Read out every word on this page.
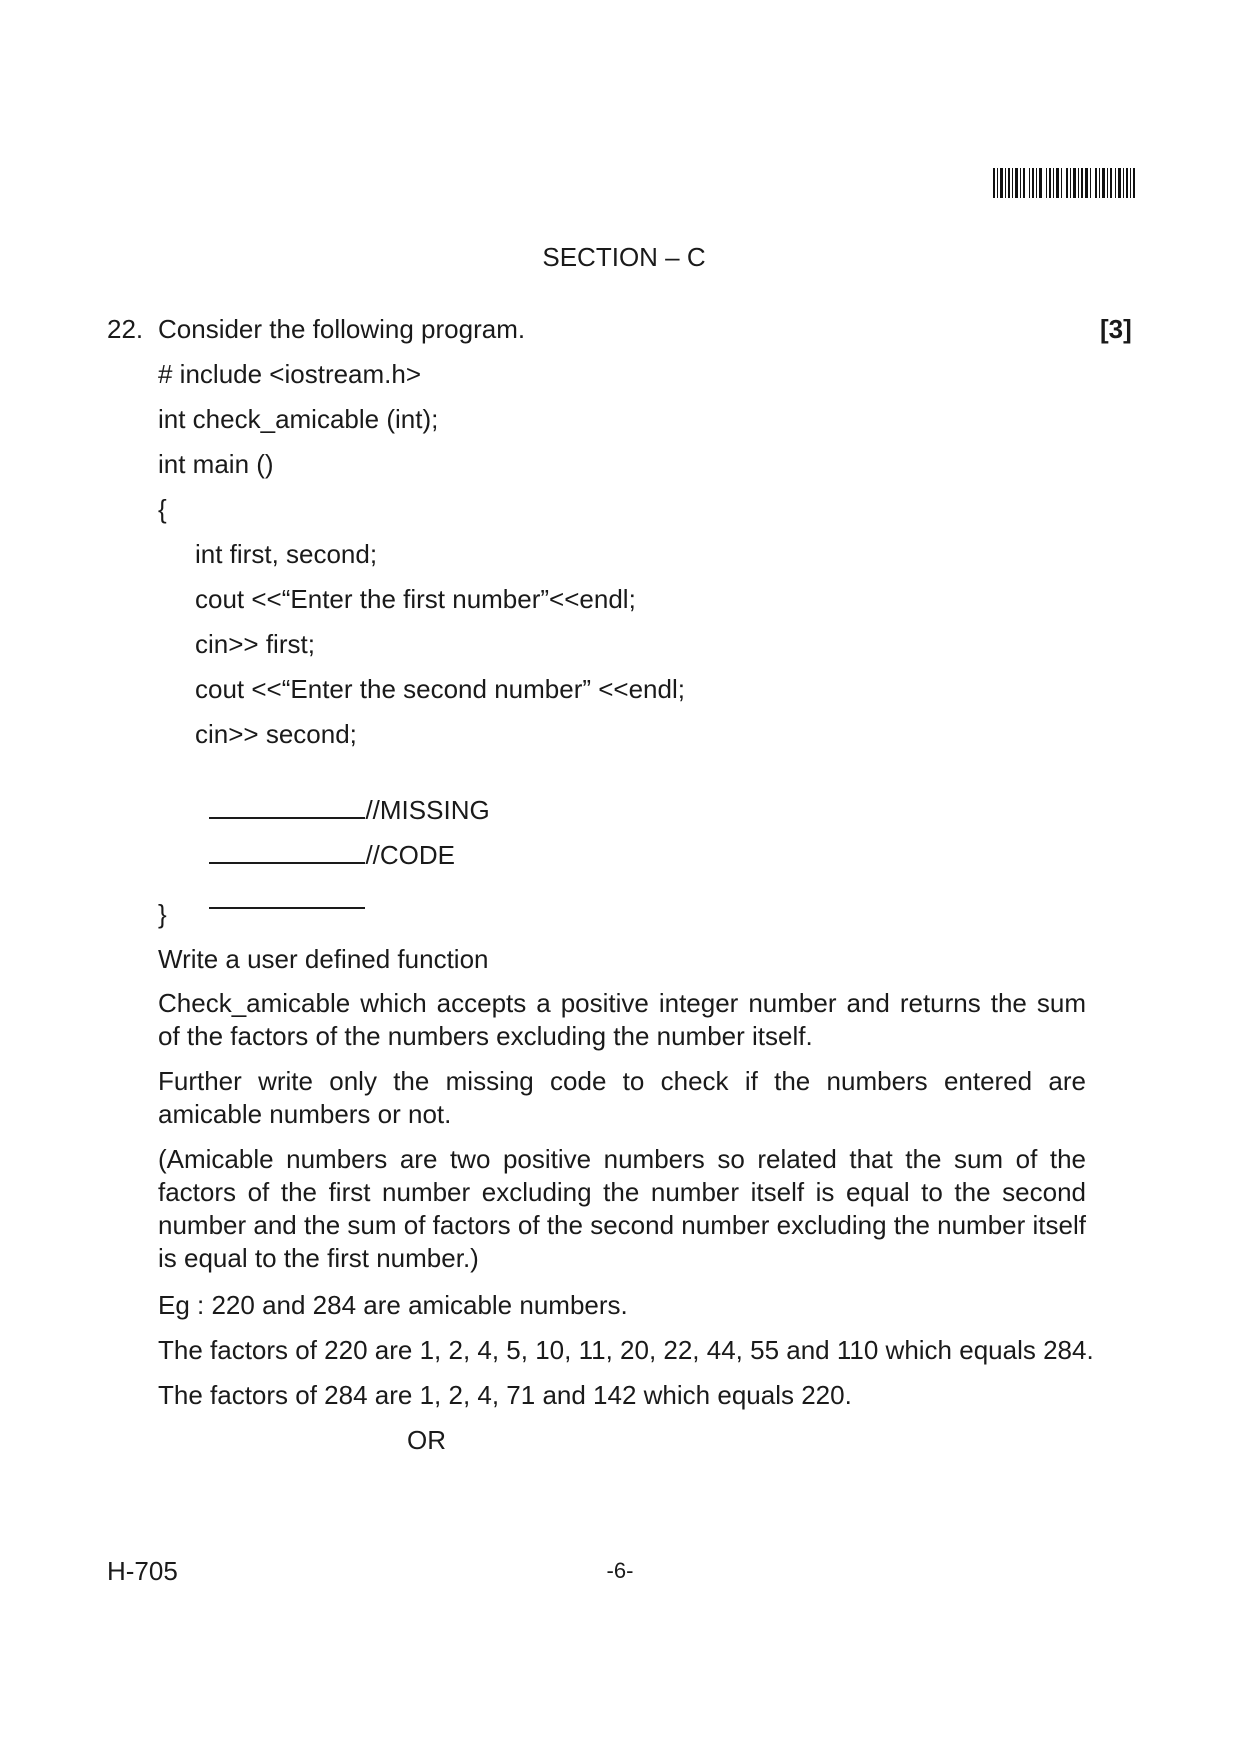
SECTION – C
22. Consider the following program.	[3]
# include <iostream.h>
int check_amicable (int);
int main ()
{
int first, second;
cout <<“Enter the first number”<<endl;
cin>> first;
cout <<“Enter the second number” <<endl;
cin>> second;

//MISSING

//CODE

}
Write a user defined function
Check_amicable which accepts a positive integer number and returns the sum of the factors of the numbers excluding the number itself.
Further write only the missing code to check if the numbers entered are amicable numbers or not.
(Amicable numbers are two positive numbers so related that the sum of the factors of the first number excluding the number itself is equal to the second number and the sum of factors of the second number excluding the number itself is equal to the first number.)
Eg : 220 and 284 are amicable numbers.
The factors of 220 are 1, 2, 4, 5, 10, 11, 20, 22, 44, 55 and 110 which equals 284.
The factors of 284 are 1, 2, 4, 71 and 142 which equals 220.
OR
H-705	-6-
